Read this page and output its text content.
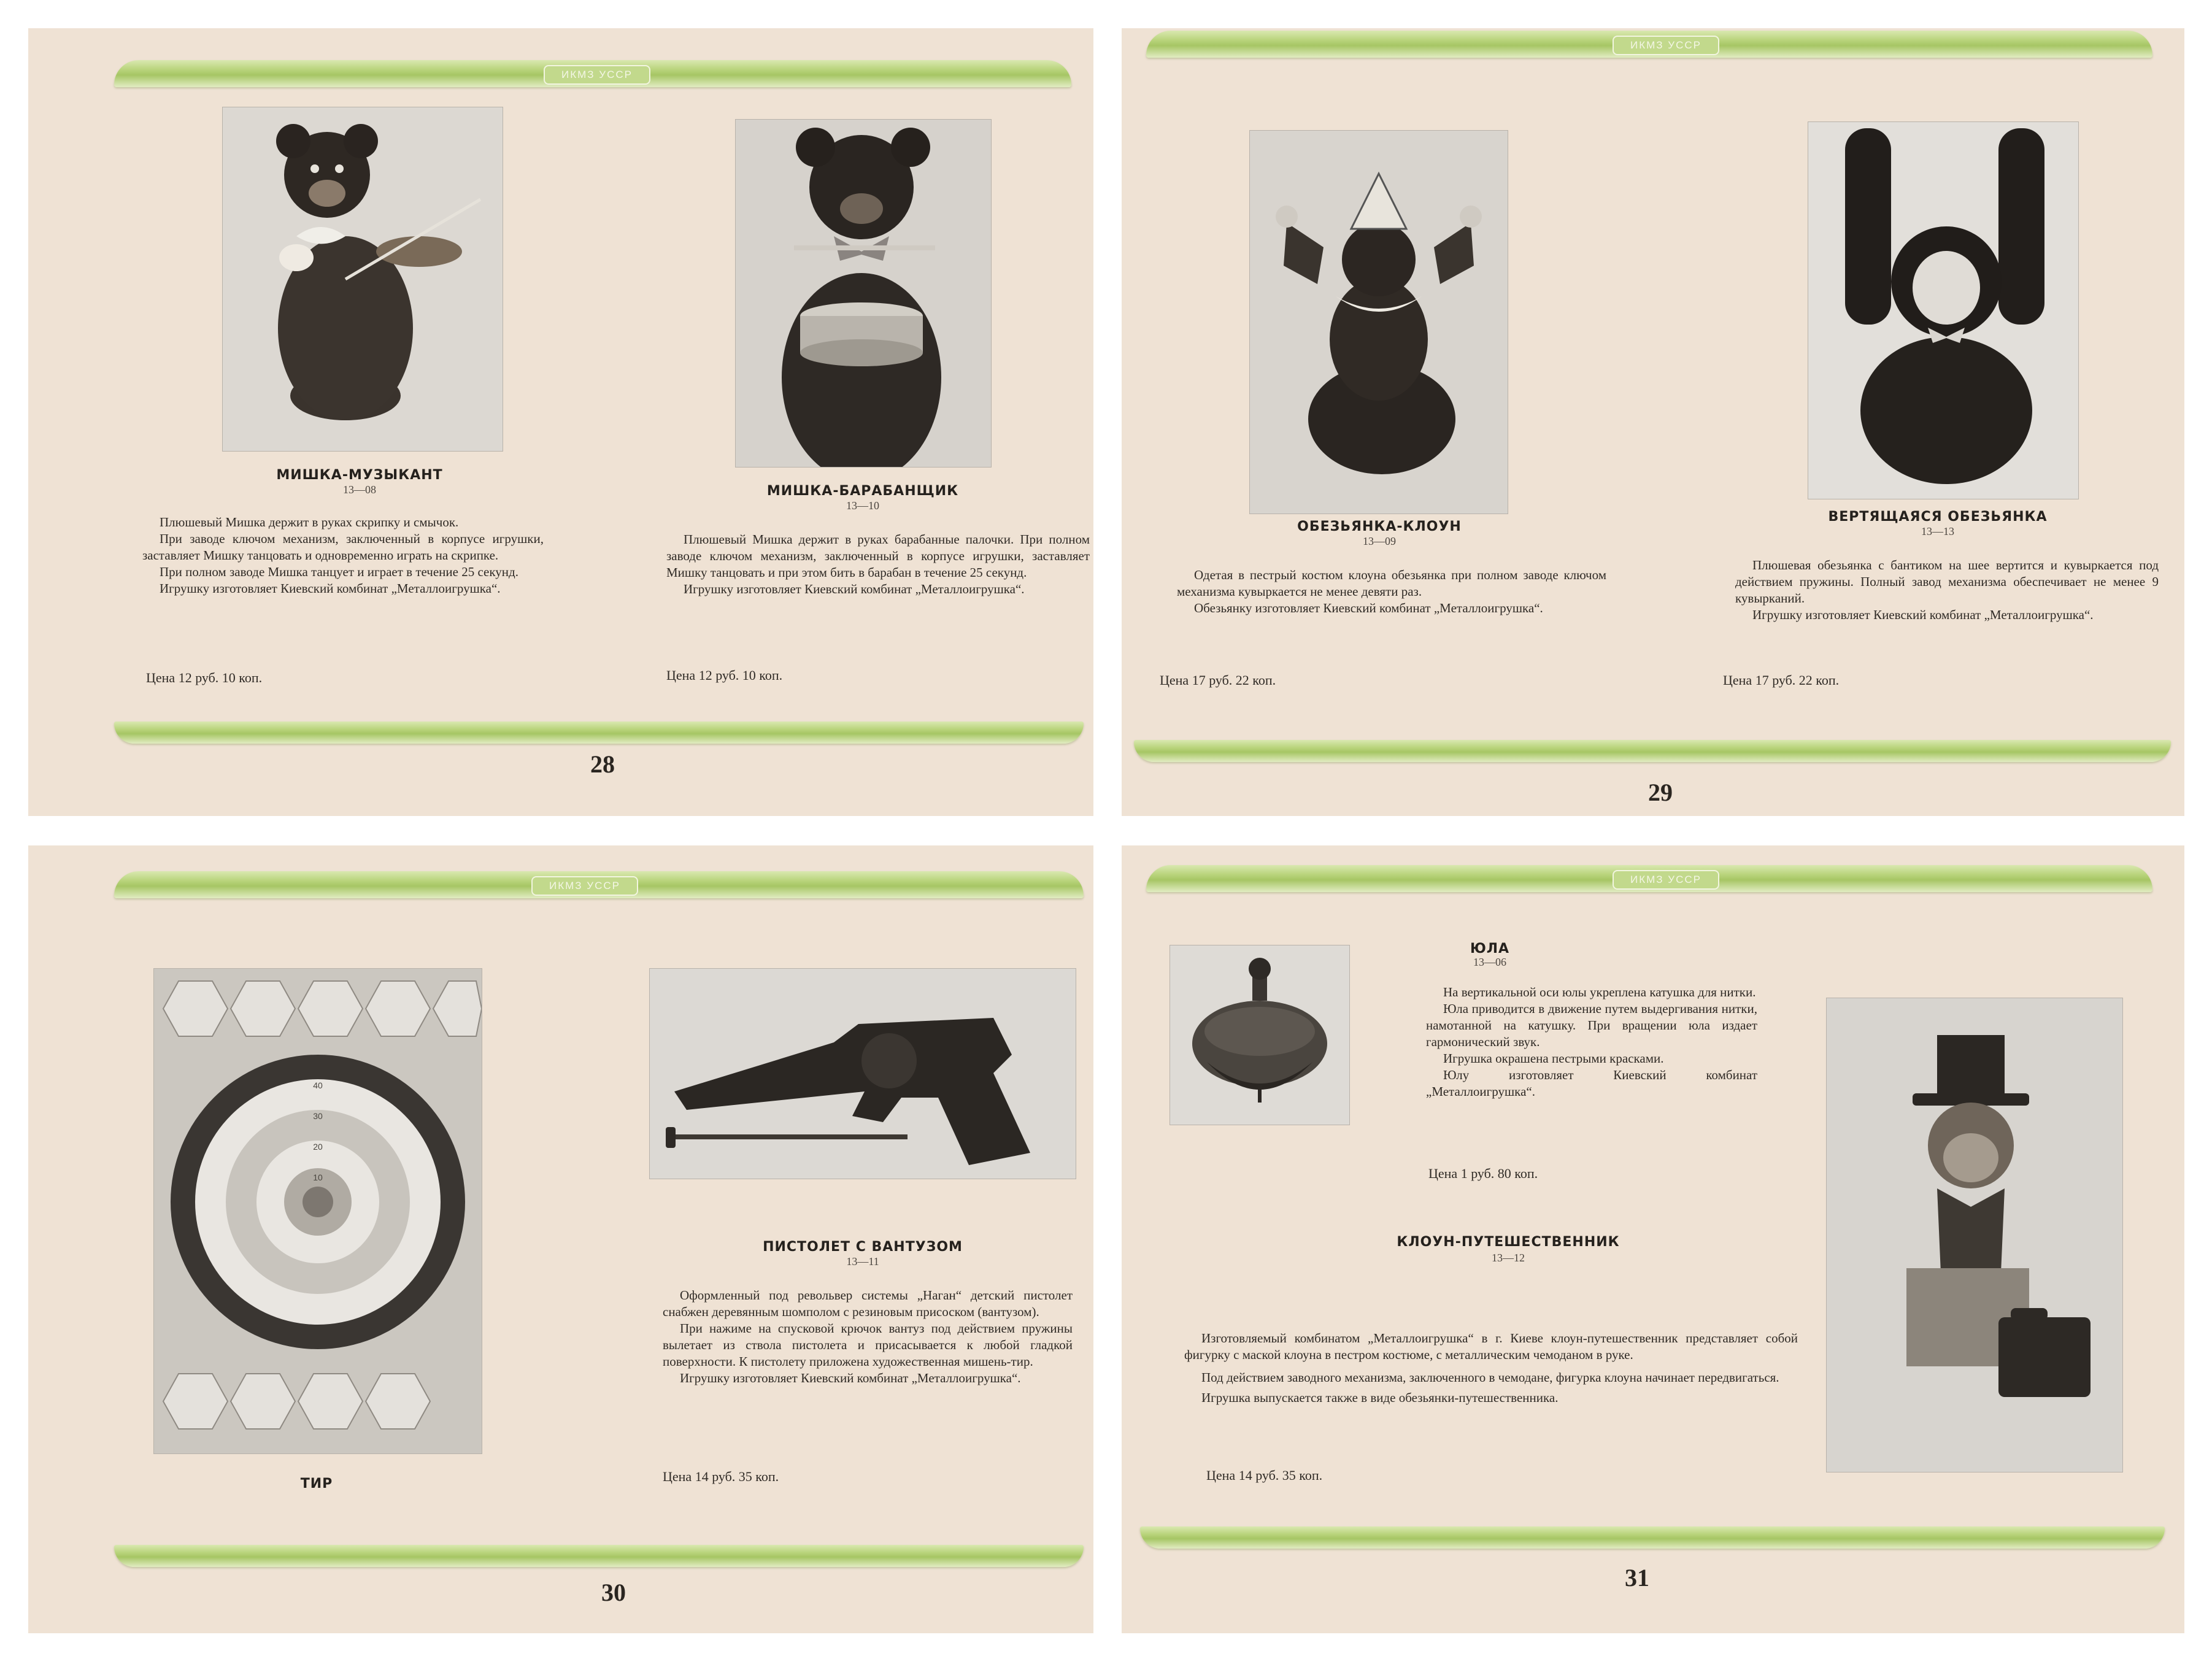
ИКМЗ УССР
МИШКА-МУЗЫКАНТ
13—08

Плюшевый Мишка держит в руках скрипку и смычок.

При заводе ключом механизм, заключенный в корпусе игрушки, заставляет Мишку танцовать и одновременно играть на скрипке.

При полном заводе Мишка танцует и играет в течение 25 секунд.

Игрушку изготовляет Киевский комбинат „Металлоигрушка“.

Цена 12 руб. 10 коп.
МИШКА-БАРАБАНЩИК
13—10

Плюшевый Мишка держит в руках барабанные палочки. При полном заводе ключом механизм, заключенный в корпусе игрушки, заставляет Мишку танцовать и при этом бить в барабан в течение 25 секунд.

Игрушку изготовляет Киевский комбинат „Металлоигрушка“.

Цена 12 руб. 10 коп.
28
ИКМЗ УССР
ОБЕЗЬЯНКА-КЛОУН
13—09

Одетая в пестрый костюм клоуна обезьянка при полном заводе ключом механизма кувыркается не менее девяти раз.

Обезьянку изготовляет Киевский комбинат „Металлоигрушка“.

Цена 17 руб. 22 коп.
ВЕРТЯЩАЯСЯ ОБЕЗЬЯНКА
13—13

Плюшевая обезьянка с бантиком на шее вертится и кувыркается под действием пружины. Полный завод механизма обеспечивает не менее 9 кувырканий.

Игрушку изготовляет Киевский комбинат „Металлоигрушка“.

Цена 17 руб. 22 коп.
29
ИКМЗ УССР
10
20
30
40
ТИР
ПИСТОЛЕТ С ВАНТУЗОМ
13—11

Оформленный под револьвер системы „Наган“ детский пистолет снабжен деревянным шомполом с резиновым присоском (вантузом).

При нажиме на спусковой крючок вантуз под действием пружины вылетает из ствола пистолета и присасывается к любой гладкой поверхности. К пистолету приложена художественная мишень-тир.

Игрушку изготовляет Киевский комбинат „Металлоигрушка“.

Цена 14 руб. 35 коп.
30
ИКМЗ УССР
ЮЛА
13—06

На вертикальной оси юлы укреплена катушка для нитки.

Юла приводится в движение путем выдергивания нитки, намотанной на катушку. При вращении юла издает гармонический звук.

Игрушка окрашена пестрыми красками.

Юлу изготовляет Киевский комбинат „Металлоигрушка“.

Цена 1 руб. 80 коп.
КЛОУН-ПУТЕШЕСТВЕННИК
13—12

Изготовляемый комбинатом „Металлоигрушка“ в г. Киеве клоун-путешественник представляет собой фигурку с маской клоуна в пестром костюме, с металлическим чемоданом в руке.

Под действием заводного механизма, заключенного в чемодане, фигурка клоуна начинает передвигаться.

Игрушка выпускается также в виде обезьянки-путешественника.

Цена 14 руб. 35 коп.
31
